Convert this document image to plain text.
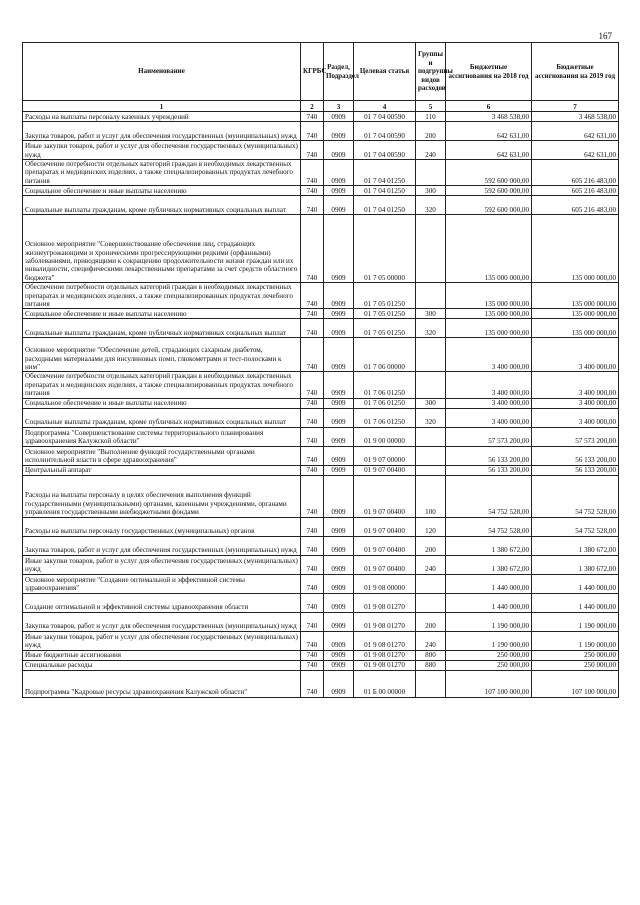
167
Наименование	КГРБС	Раздел, Подраздел	Целевая статья	Группы и подгруппы видов расходов	Бюджетные ассигнования на 2018 год	Бюджетные ассигнования на 2019 год
1	2	3	4	5	6	7
Расходы на выплаты персоналу казенных учреждений	740	0909	01 7 04 00590	110	3 468 538,00	3 468 538,00
Закупка товаров, работ и услуг для обеспечения государственных (муниципальных) нужд	740	0909	01 7 04 00590	200	642 631,00	642 631,00
Иные закупки товаров, работ и услуг для обеспечения государственных (муниципальных) нужд	740	0909	01 7 04 00590	240	642 631,00	642 631,00
Обеспечение потребности отдельных категорий граждан в необходимых лекарственных препаратах и медицинских изделиях, а также специализированных продуктах лечебного питания	740	0909	01 7 04 01250		592 600 000,00	605 216 483,00
Социальное обеспечение и иные выплаты населению	740	0909	01 7 04 01250	300	592 600 000,00	605 216 483,00
Социальные выплаты гражданам, кроме публичных нормативных социальных выплат	740	0909	01 7 04 01250	320	592 600 000,00	605 216 483,00
Основное мероприятие "Совершенствование обеспечения лиц, страдающих жизнеугрожающими и хроническими прогрессирующими редкими (орфанными) заболеваниями, приводящими к сокращению продолжительности жизни граждан или их инвалидности, специфическими лекарственными препаратами за счет средств областного бюджета"	740	0909	01 7 05 00000		135 000 000,00	135 000 000,00
Обеспечение потребности отдельных категорий граждан в необходимых лекарственных препаратах и медицинских изделиях, а также специализированных продуктах лечебного питания	740	0909	01 7 05 01250		135 000 000,00	135 000 000,00
Социальное обеспечение и иные выплаты населению	740	0909	01 7 05 01250	300	135 000 000,00	135 000 000,00
Социальные выплаты гражданам, кроме публичных нормативных социальных выплат	740	0909	01 7 05 01250	320	135 000 000,00	135 000 000,00
Основное мероприятие "Обеспечение детей, страдающих сахарным диабетом, расходными материалами для инсулиновых помп, глюкометрами и тест-полосками к ним"	740	0909	01 7 06 00000		3 400 000,00	3 400 000,00
Обеспечение потребности отдельных категорий граждан в необходимых лекарственных препаратах и медицинских изделиях, а также специализированных продуктах лечебного питания	740	0909	01 7 06 01250		3 400 000,00	3 400 000,00
Социальное обеспечение и иные выплаты населению	740	0909	01 7 06 01250	300	3 400 000,00	3 400 000,00
Социальные выплаты гражданам, кроме публичных нормативных социальных выплат	740	0909	01 7 06 01250	320	3 400 000,00	3 400 000,00
Подпрограмма "Совершенствование системы территориального планирования здравоохранения Калужской области"	740	0909	01 9 00 00000		57 573 200,00	57 573 200,00
Основное мероприятие "Выполнение функций государственными органами исполнительной власти в сфере здравоохранения"	740	0909	01 9 07 00000		56 133 200,00	56 133 200,00
Центральный аппарат	740	0909	01 9 07 00400		56 133 200,00	56 133 200,00
Расходы на выплаты персоналу в целях обеспечения выполнения функций государственными (муниципальными) органами, казенными учреждениями, органами управления государственными внебюджетными фондами	740	0909	01 9 07 00400	100	54 752 528,00	54 752 528,00
Расходы на выплаты персоналу государственных (муниципальных) органов	740	0909	01 9 07 00400	120	54 752 528,00	54 752 528,00
Закупка товаров, работ и услуг для обеспечения государственных (муниципальных) нужд	740	0909	01 9 07 00400	200	1 380 672,00	1 380 672,00
Иные закупки товаров, работ и услуг для обеспечения государственных (муниципальных) нужд	740	0909	01 9 07 00400	240	1 380 672,00	1 380 672,00
Основное мероприятие "Создание оптимальной и эффективной системы здравоохранения"	740	0909	01 9 08 00000		1 440 000,00	1 440 000,00
Создание оптимальной и эффективной системы здравоохранения области	740	0909	01 9 08 01270		1 440 000,00	1 440 000,00
Закупка товаров, работ и услуг для обеспечения государственных (муниципальных) нужд	740	0909	01 9 08 01270	200	1 190 000,00	1 190 000,00
Иные закупки товаров, работ и услуг для обеспечения государственных (муниципальных) нужд	740	0909	01 9 08 01270	240	1 190 000,00	1 190 000,00
Иные бюджетные ассигнования	740	0909	01 9 08 01270	800	250 000,00	250 000,00
Специальные расходы	740	0909	01 9 08 01270	880	250 000,00	250 000,00
Подпрограмма "Кадровые ресурсы здравоохранения Калужской области"	740	0909	01 Б 00 00000		107 100 000,00	107 100 000,00
